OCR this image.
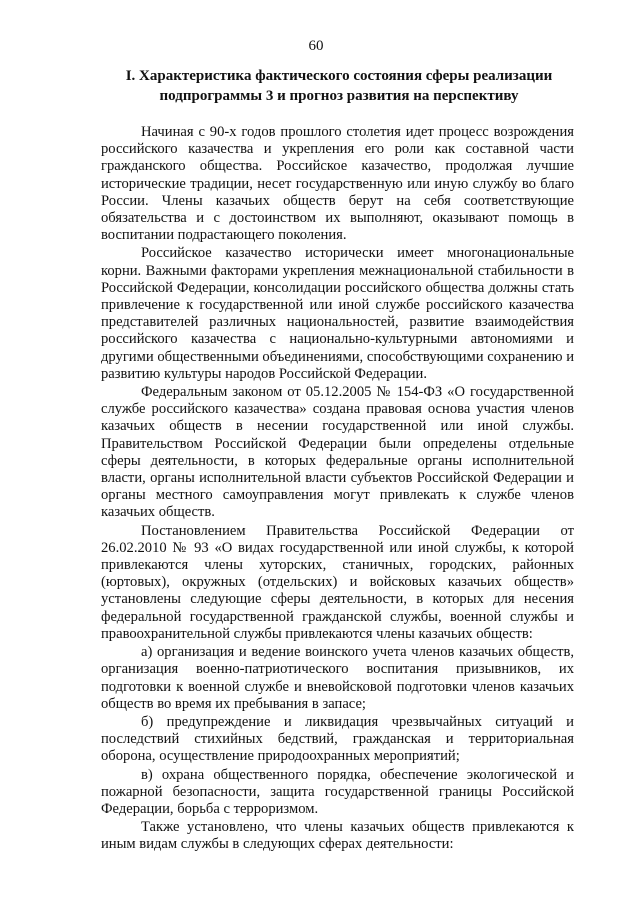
60
I. Характеристика фактического состояния сферы реализации
подпрограммы 3 и прогноз развития на перспективу

Начиная с 90-х годов прошлого столетия идет процесс возрождения российского казачества и укрепления его роли как составной части гражданского общества. Российское казачество, продолжая лучшие исторические традиции, несет государственную или иную службу во благо России. Члены казачьих обществ берут на себя соответствующие обязательства и с достоинством их выполняют, оказывают помощь в воспитании подрастающего поколения.

Российское казачество исторически имеет многонациональные корни. Важными факторами укрепления межнациональной стабильности в Российской Федерации, консолидации российского общества должны стать привлечение к государственной или иной службе российского казачества представителей различных национальностей, развитие взаимодействия российского казачества с национально-культурными автономиями и другими общественными объединениями, способствующими сохранению и развитию культуры народов Российской Федерации.

Федеральным законом от 05.12.2005 № 154-ФЗ «О государственной службе российского казачества» создана правовая основа участия членов казачьих обществ в несении государственной или иной службы. Правительством Российской Федерации были определены отдельные сферы деятельности, в которых федеральные органы исполнительной власти, органы исполнительной власти субъектов Российской Федерации и органы местного самоуправления могут привлекать к службе членов казачьих обществ.

Постановлением Правительства Российской Федерации от 26.02.2010 № 93 «О видах государственной или иной службы, к которой привлекаются члены хуторских, станичных, городских, районных (юртовых), окружных (отдельских) и войсковых казачьих обществ» установлены следующие сферы деятельности, в которых для несения федеральной государственной гражданской службы, военной службы и правоохранительной службы привлекаются члены казачьих обществ:

а) организация и ведение воинского учета членов казачьих обществ, организация военно-патриотического воспитания призывников, их подготовки к военной службе и вневойсковой подготовки членов казачьих обществ во время их пребывания в запасе;

б) предупреждение и ликвидация чрезвычайных ситуаций и последствий стихийных бедствий, гражданская и территориальная оборона, осуществление природоохранных мероприятий;

в) охрана общественного порядка, обеспечение экологической и пожарной безопасности, защита государственной границы Российской Федерации, борьба с терроризмом.

Также установлено, что члены казачьих обществ привлекаются к иным видам службы в следующих сферах деятельности:
